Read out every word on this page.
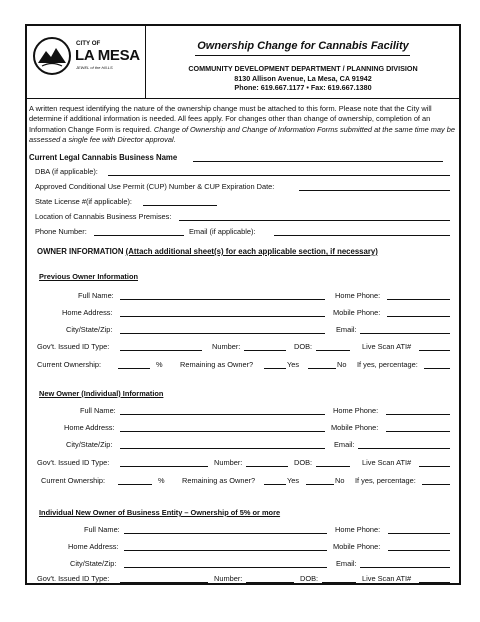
CITY OF
LA MESA
JEWEL of the HILLS
Ownership Change for Cannabis Facility
COMMUNITY DEVELOPMENT DEPARTMENT / PLANNING DIVISION
8130 Allison Avenue, La Mesa, CA 91942
Phone: 619.667.1177 • Fax: 619.667.1380
A written request identifying the nature of the ownership change must be attached to this form. Please note that the City will determine if additional information is needed. All fees apply. For changes other than change of ownership, completion of an Information Change Form is required. Change of Ownership and Change of Information Forms submitted at the same time may be assessed a single fee with Director approval.
Current Legal Cannabis Business Name
DBA (if applicable):
Approved Conditional Use Permit (CUP) Number & CUP Expiration Date:
State License #(if applicable):
Location of Cannabis Business Premises:
Phone Number:	Email (if applicable):
OWNER INFORMATION (Attach additional sheet(s) for each applicable section, if necessary)
Previous Owner Information
Full Name:	Home Phone:
Home Address:	Mobile Phone:
City/State/Zip:	Email:
Gov't. Issued ID Type:	Number:	DOB:	Live Scan ATI#
Current Ownership:	% Remaining as Owner?	Yes	No If yes, percentage:
New Owner (Individual) Information
Full Name:	Home Phone:
Home Address:	Mobile Phone:
City/State/Zip:	Email:
Gov't. Issued ID Type:	Number:	DOB:	Live Scan ATI#
Current Ownership:	% Remaining as Owner?	Yes	No If yes, percentage:
Individual New Owner of Business Entity – Ownership of 5% or more
Full Name:	Home Phone:
Home Address:	Mobile Phone:
City/State/Zip:	Email:
Gov't. Issued ID Type:	Number:	DOB:	Live Scan ATI#
